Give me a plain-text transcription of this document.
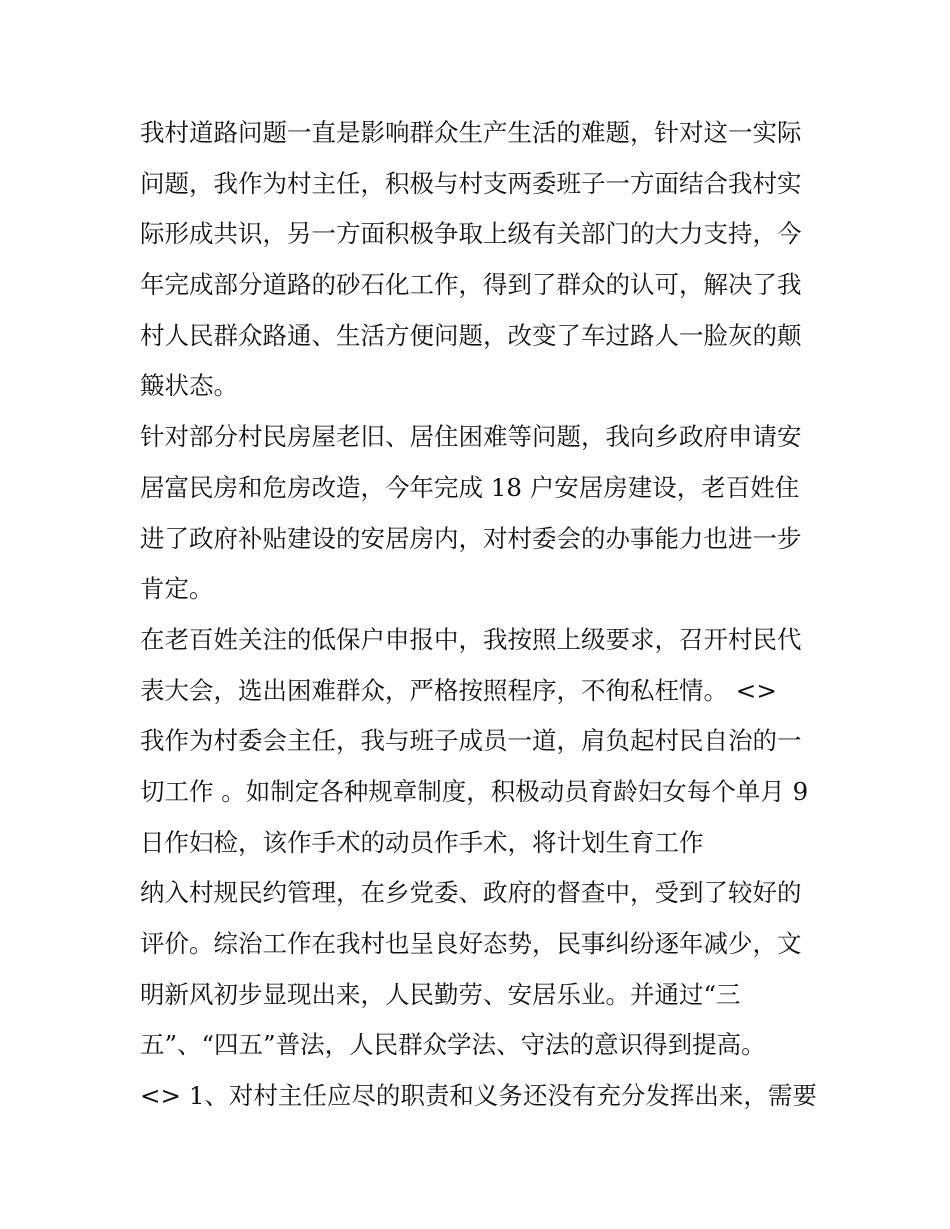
我村道路问题一直是影响群众生产生活的难题，针对这一实际
问题，我作为村主任，积极与村支两委班子一方面结合我村实
际形成共识，另一方面积极争取上级有关部门的大力支持，今
年完成部分道路的砂石化工作，得到了群众的认可，解决了我
村人民群众路通、生活方便问题，改变了车过路人一脸灰的颠
簸状态。
针对部分村民房屋老旧、居住困难等问题，我向乡政府申请安
居富民房和危房改造，今年完成 18 户安居房建设，老百姓住
进了政府补贴建设的安居房内，对村委会的办事能力也进一步
肯定。
在老百姓关注的低保户申报中，我按照上级要求，召开村民代
表大会，选出困难群众，严格按照程序，不徇私枉情。 <>
我作为村委会主任，我与班子成员一道，肩负起村民自治的一
切工作 。如制定各种规章制度，积极动员育龄妇女每个单月 9
日作妇检，该作手术的动员作手术，将计划生育工作
纳入村规民约管理，在乡党委、政府的督查中，受到了较好的
评价。综治工作在我村也呈良好态势，民事纠纷逐年减少，文
明新风初步显现出来，人民勤劳、安居乐业。并通过“三
五”、“四五”普法，人民群众学法、守法的意识得到提高。
<> 1、对村主任应尽的职责和义务还没有充分发挥出来，需要
